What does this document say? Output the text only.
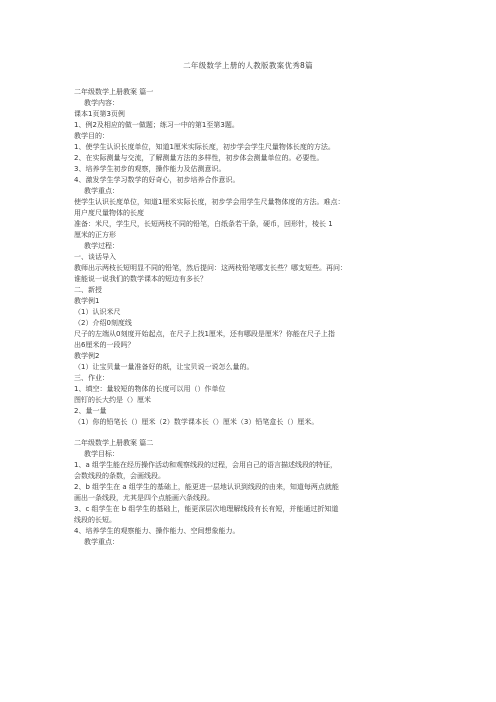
二年级数学上册的人教版教案优秀8篇
二年级数学上册教案 篇一
教学内容：
课本1页第3页例
1、例2及相应的做一做题；练习一中的第1至第3题。
教学目的：
1、使学生认识长度单位，知道1厘米实际长度，初步学会学生尺量物体长度的方法。
2、在实际测量与交流，了解测量方法的多样性，初步体会测量单位的。必要性。
3、培养学生初步的观察，操作能力及估测意识。
4、激发学生学习数学的好奇心，初步培养合作意识。
教学重点：
使学生认识长度单位，知道1厘米实际长度，初步学会用学生尺量物体度的方法。难点：
用户度尺量物体的长度
准备：米尺，学生尺，长短两枝不同的铅笔，白纸条若干条，硬币，回形针，棱长 1
厘米的正方形
教学过程：
一、谈话导入
教师出示两枝长短明显不同的铅笔，然后提问：这两枝铅笔哪支长些？哪支短些。再问：
谁能说一说我们的数学课本的短边有多长？
二、新授
教学例1
（1）认识米尺
（2）介绍0刻度线
尺子的左端从0刻度开始起点，在尺子上找1厘米，还有哪段是厘米？你能在尺子上指
出6厘米的一段吗？
教学例2
（1）让宝贝量一量准备好的纸，让宝贝说一说怎么量的。
三、作业：
1、填空：量较短的物体的长度可以用（）作单位
图钉的长大约是（）厘米
2、量一量
（1）你的铅笔长（）厘米（2）数学课本长（）厘米（3）铅笔盒长（）厘米。
二年级数学上册教案 篇二
教学目标：
1、a 组学生能在经历操作活动和观察线段的过程，会用自己的语言描述线段的特征，
会数线段的条数，会画线段。
2、b 组学生在 a 组学生的基础上，能更进一层地认识到线段的由来，知道每两点就能
画出一条线段，尤其是四个点能画六条线段。
3、c 组学生在 b 组学生的基础上，能更深层次地理解线段有长有短，并能通过折知道
线段的长短。
4、培养学生的观察能力、操作能力、空间想象能力。
教学重点：
